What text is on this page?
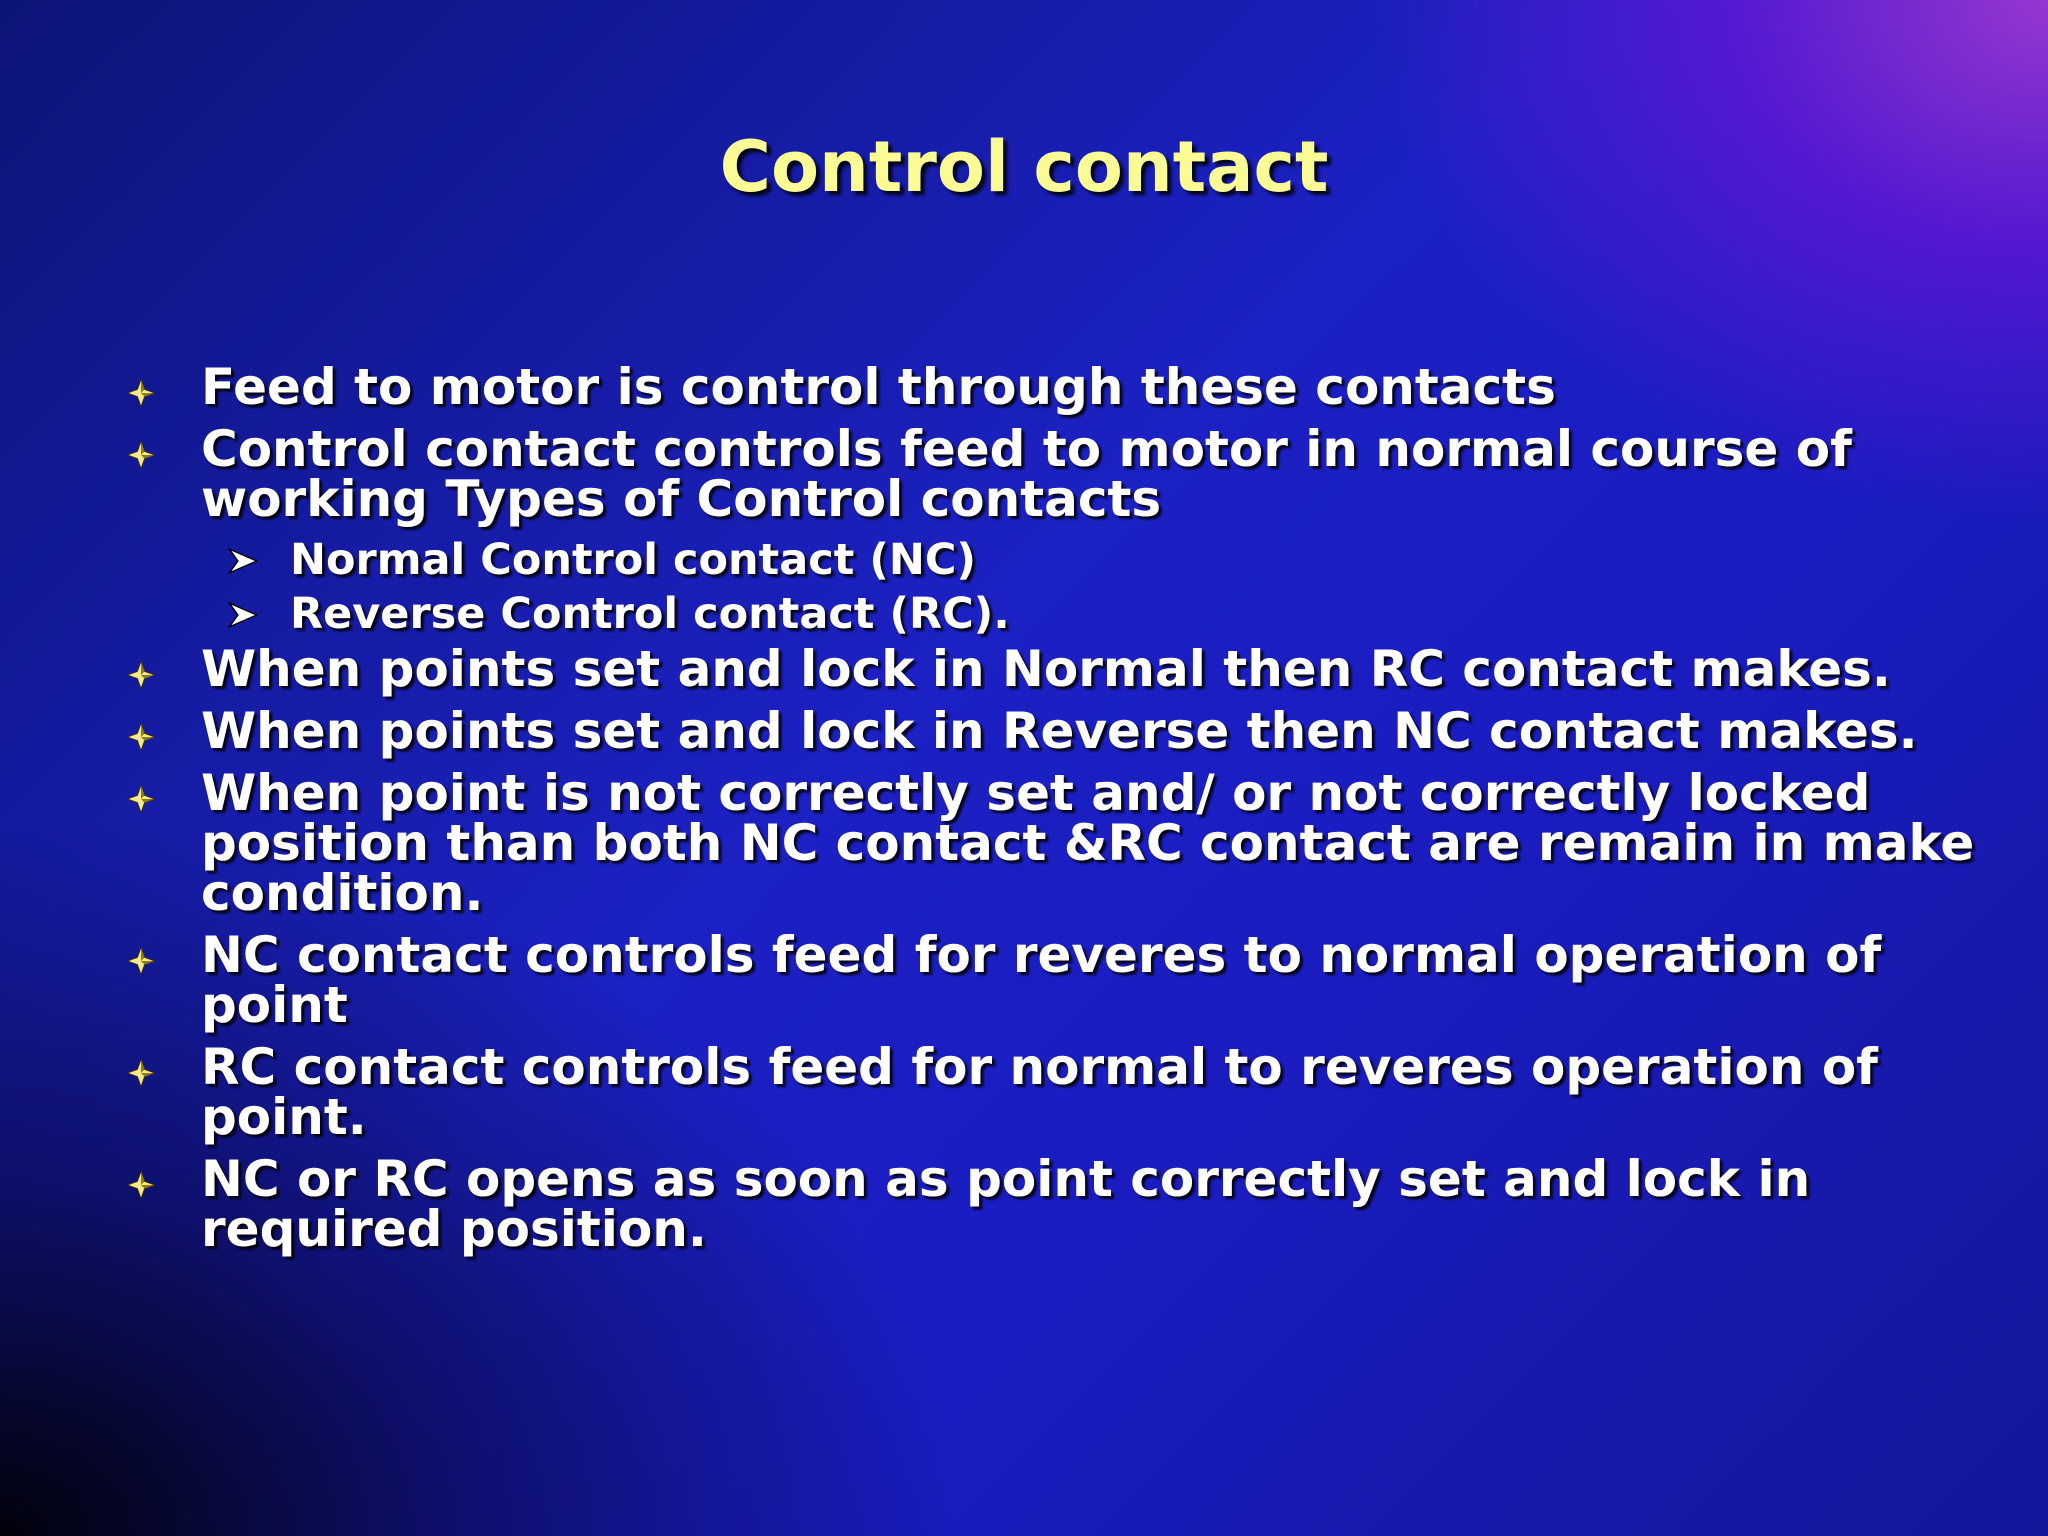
Control contact
Feed to motor is control through these contacts
Control contact controls feed to motor in normal course of working Types of Control contacts
Normal Control contact (NC)
Reverse Control contact (RC).
When points set and lock in Normal then RC contact makes.
When points set and lock in Reverse then NC contact makes.
When point is not correctly set and/ or not correctly locked position than both NC contact &RC contact are remain in make condition.
NC contact controls feed for reveres to normal operation of point
RC contact controls feed for normal to reveres operation of point.
NC or RC opens as soon as point correctly set and lock in required position.
